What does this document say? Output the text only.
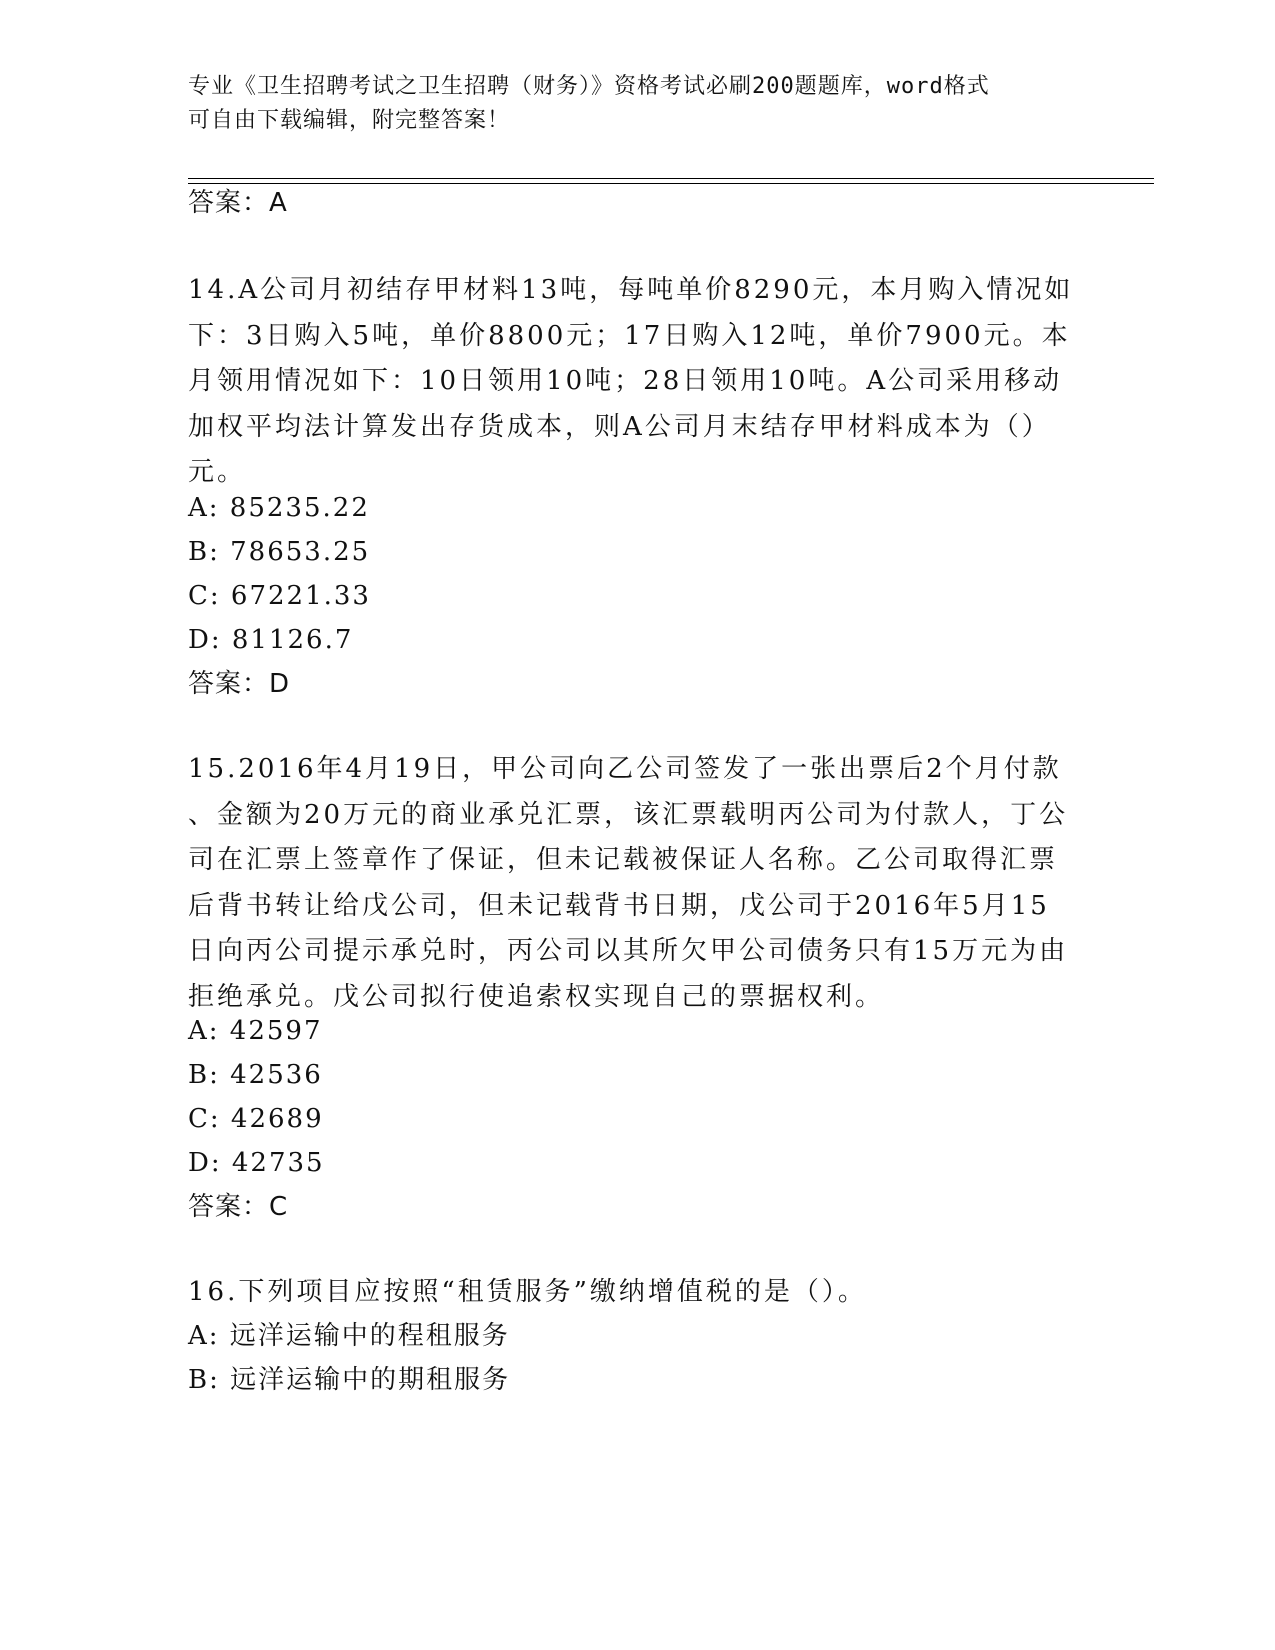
专业《卫生招聘考试之卫生招聘（财务）》资格考试必刷200题题库，word格式
可自由下载编辑，附完整答案！
答案：A

14.A公司月初结存甲材料13吨，每吨单价8290元，本月购入情况如

下：3日购入5吨，单价8800元；17日购入12吨，单价7900元。本

月领用情况如下：10日领用10吨；28日领用10吨。A公司采用移动

加权平均法计算发出存货成本，则A公司月末结存甲材料成本为（）

元。

A: 85235.22
B: 78653.25
C: 67221.33
D: 81126.7
答案：D

15.2016年4月19日，甲公司向乙公司签发了一张出票后2个月付款

、金额为20万元的商业承兑汇票，该汇票载明丙公司为付款人，丁公

司在汇票上签章作了保证，但未记载被保证人名称。乙公司取得汇票

后背书转让给戊公司，但未记载背书日期，戊公司于2016年5月15

日向丙公司提示承兑时，丙公司以其所欠甲公司债务只有15万元为由

拒绝承兑。戊公司拟行使追索权实现自己的票据权利。

A: 42597
B: 42536
C: 42689
D: 42735
答案：C

16.下列项目应按照“租赁服务”缴纳增值税的是（）。

A: 远洋运输中的程租服务
B: 远洋运输中的期租服务
